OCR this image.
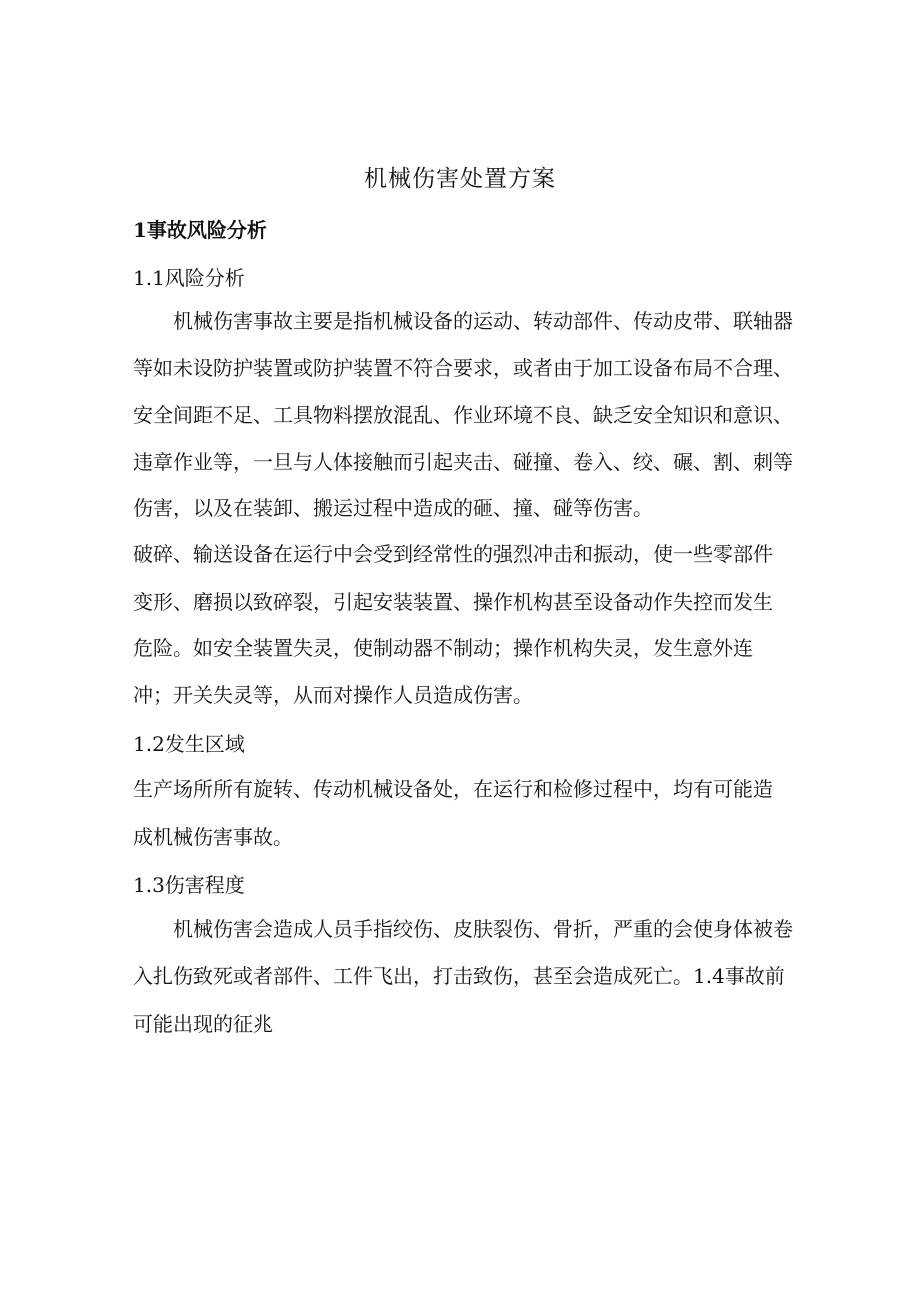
机械伤害处置方案
1事故风险分析
1.1风险分析
机械伤害事故主要是指机械设备的运动、转动部件、传动皮带、联轴器
等如未设防护装置或防护装置不符合要求，或者由于加工设备布局不合理、
安全间距不足、工具物料摆放混乱、作业环境不良、缺乏安全知识和意识、
违章作业等，一旦与人体接触而引起夹击、碰撞、卷入、绞、碾、割、刺等
伤害，以及在装卸、搬运过程中造成的砸、撞、碰等伤害。
破碎、输送设备在运行中会受到经常性的强烈冲击和振动，使一些零部件
变形、磨损以致碎裂，引起安装装置、操作机构甚至设备动作失控而发生
危险。如安全装置失灵，使制动器不制动；操作机构失灵，发生意外连
冲；开关失灵等，从而对操作人员造成伤害。
1.2发生区域
生产场所所有旋转、传动机械设备处，在运行和检修过程中，均有可能造
成机械伤害事故。
1.3伤害程度
机械伤害会造成人员手指绞伤、皮肤裂伤、骨折，严重的会使身体被卷
入扎伤致死或者部件、工件飞出，打击致伤，甚至会造成死亡。1.4事故前
可能出现的征兆
